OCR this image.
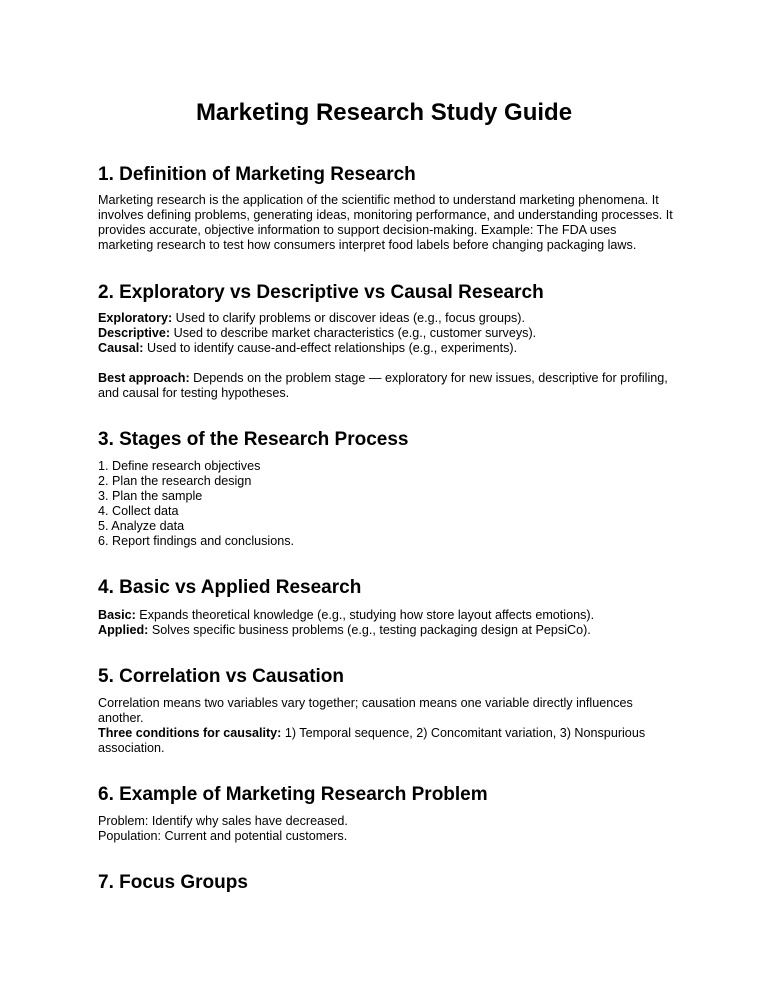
Marketing Research Study Guide
1. Definition of Marketing Research
Marketing research is the application of the scientific method to understand marketing phenomena. It
involves defining problems, generating ideas, monitoring performance, and understanding processes. It
provides accurate, objective information to support decision-making. Example: The FDA uses
marketing research to test how consumers interpret food labels before changing packaging laws.
2. Exploratory vs Descriptive vs Causal Research
Exploratory: Used to clarify problems or discover ideas (e.g., focus groups).
Descriptive: Used to describe market characteristics (e.g., customer surveys).
Causal: Used to identify cause-and-effect relationships (e.g., experiments).
Best approach: Depends on the problem stage — exploratory for new issues, descriptive for profiling,
and causal for testing hypotheses.
3. Stages of the Research Process
1. Define research objectives
2. Plan the research design
3. Plan the sample
4. Collect data
5. Analyze data
6. Report findings and conclusions.
4. Basic vs Applied Research
Basic: Expands theoretical knowledge (e.g., studying how store layout affects emotions).
Applied: Solves specific business problems (e.g., testing packaging design at PepsiCo).
5. Correlation vs Causation
Correlation means two variables vary together; causation means one variable directly influences
another.
Three conditions for causality: 1) Temporal sequence, 2) Concomitant variation, 3) Nonspurious
association.
6. Example of Marketing Research Problem
Problem: Identify why sales have decreased.
Population: Current and potential customers.
7. Focus Groups
